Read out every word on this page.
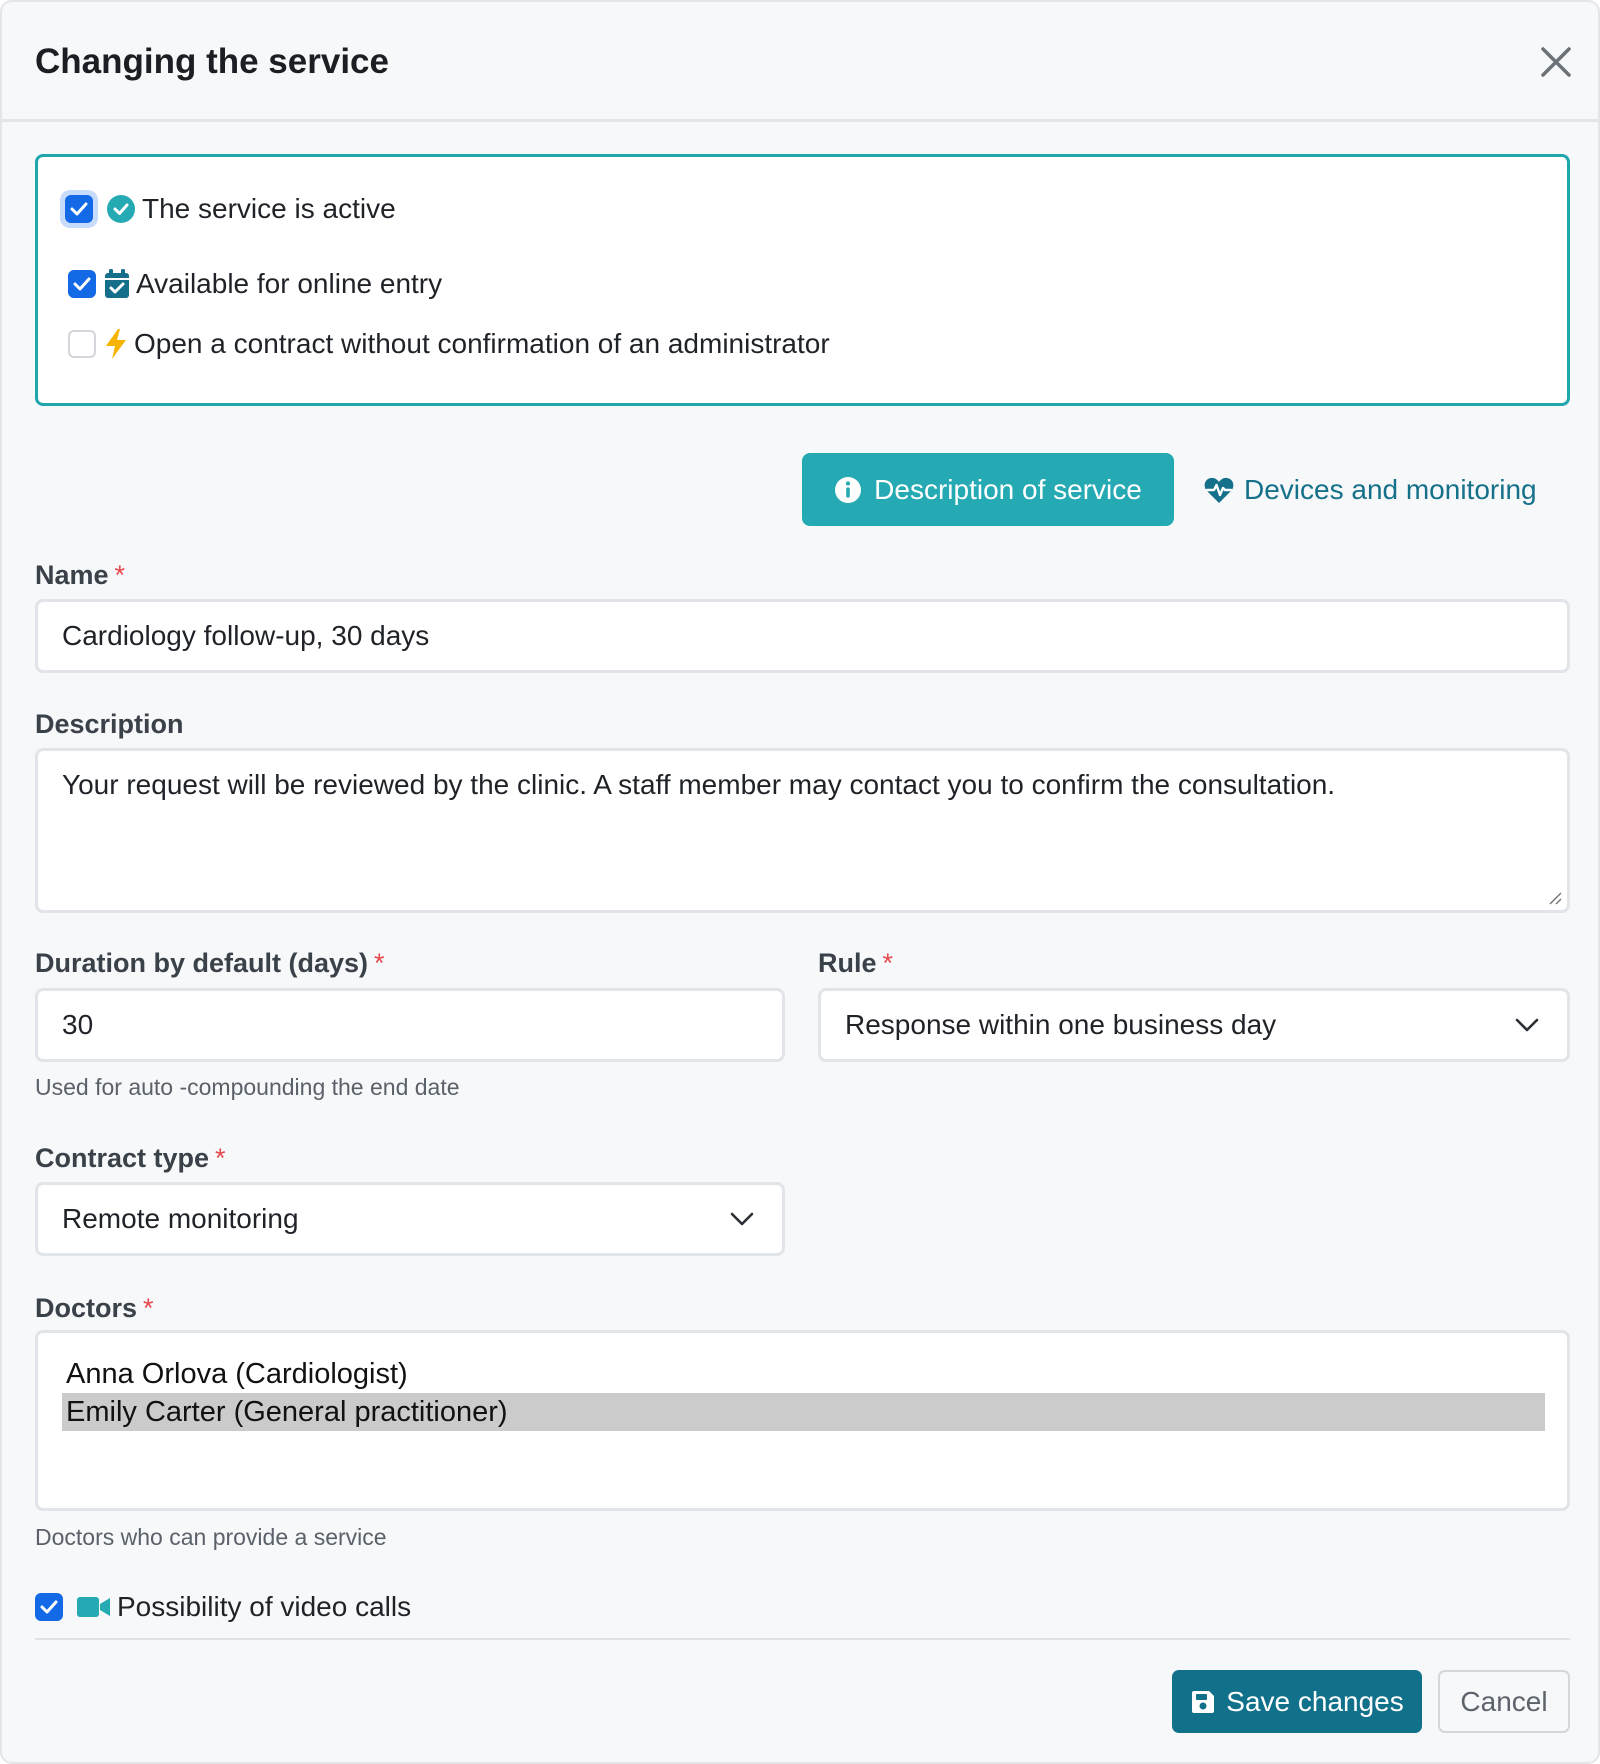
Changing the service
The service is active
Available for online entry
Open a contract without confirmation of an administrator
Description of service	Devices and monitoring
Name *
Cardiology follow-up, 30 days
Description
Your request will be reviewed by the clinic. A staff member may contact you to confirm the consultation.
Duration by default (days) *
30
Used for auto -compounding the end date
Rule *
Response within one business day
Contract type *
Remote monitoring
Doctors *
Anna Orlova (Cardiologist)
Emily Carter (General practitioner)
Doctors who can provide a service
Possibility of video calls
Save changes	Cancel
